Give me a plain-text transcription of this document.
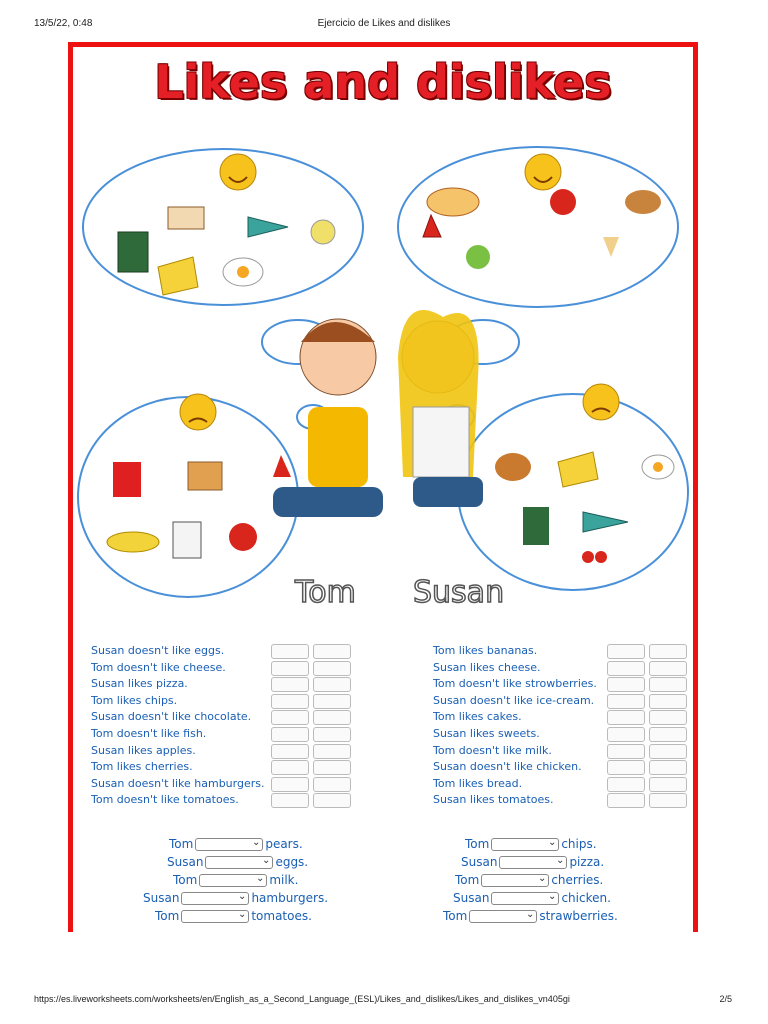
13/5/22, 0:48	Ejercicio de Likes and dislikes
Likes and dislikes
Tom Susan
Susan doesn't like eggs.
Tom doesn't like cheese.
Susan likes pizza.
Tom likes chips.
Susan doesn't like chocolate.
Tom doesn't like fish.
Susan likes apples.
Tom likes cherries.
Susan doesn't like hamburgers.
Tom doesn't like tomatoes.
Tom likes bananas.
Susan likes cheese.
Tom doesn't like strowberries.
Susan doesn't like ice-cream.
Tom likes cakes.
Susan likes sweets.
Tom doesn't like milk.
Susan doesn't like chicken.
Tom likes bread.
Susan likes tomatoes.
Tom ⌄	pears.
Susan ⌄	eggs.
Tom ⌄	milk.
Susan ⌄	hamburgers.
Tom ⌄	tomatoes.
Tom ⌄	chips.
Susan ⌄	pizza.
Tom ⌄	cherries.
Susan ⌄	chicken.
Tom ⌄	strawberries.
https://es.liveworksheets.com/worksheets/en/English_as_a_Second_Language_(ESL)/Likes_and_dislikes/Likes_and_dislikes_vn405gi	2/5
